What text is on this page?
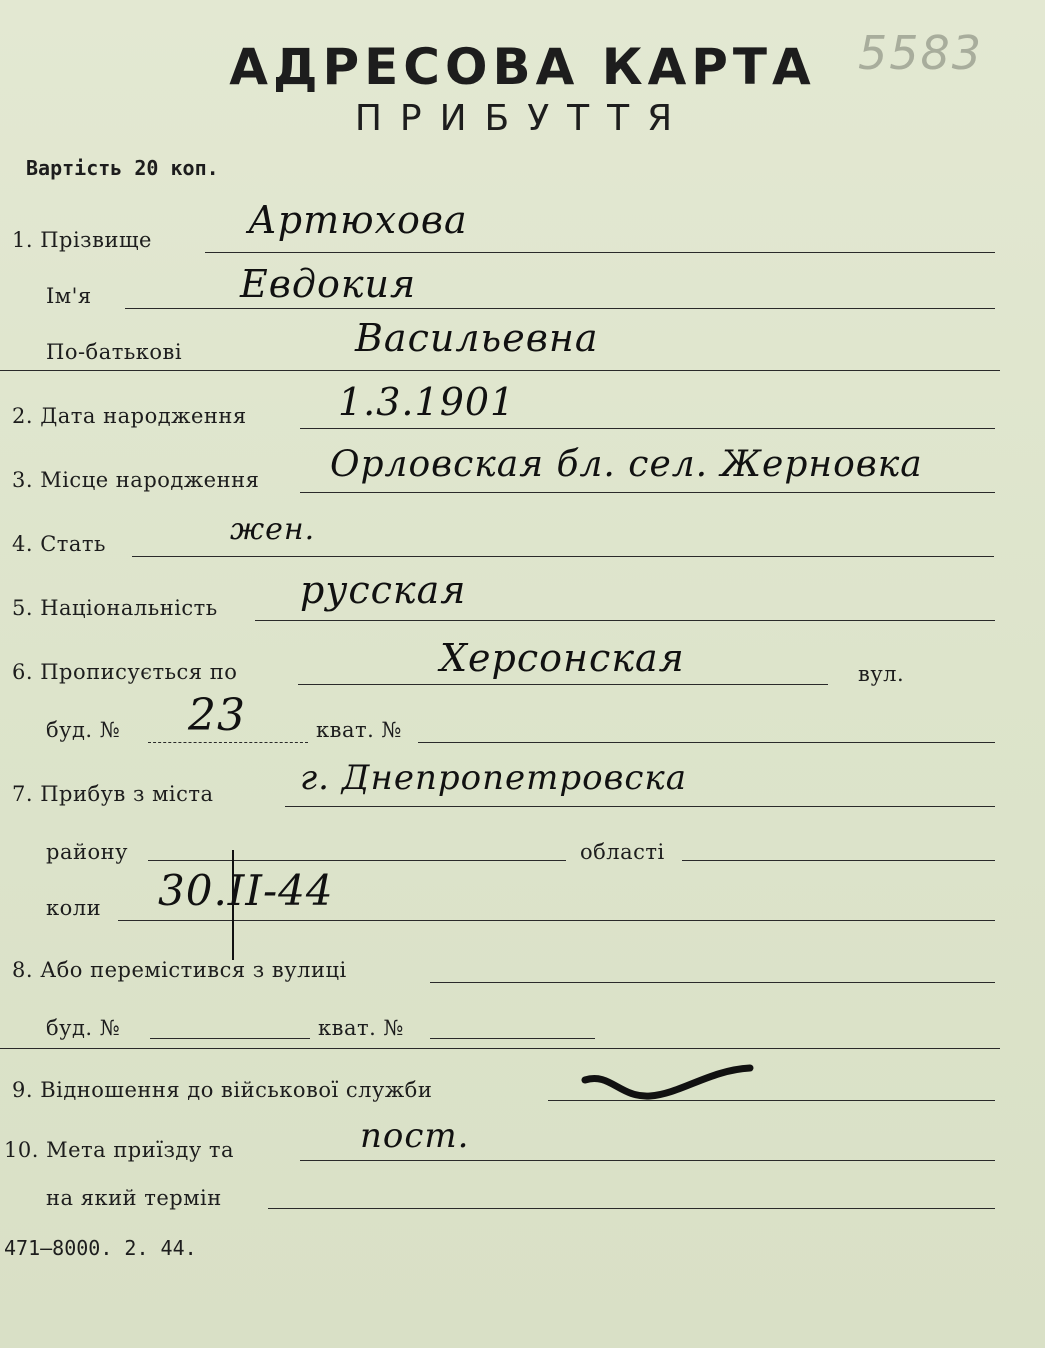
АДРЕСОВА КАРТА
ПРИБУТТЯ
5583
Вартість 20 коп.
1. Прізвище	Артюхова
Ім'я	Евдокия
По-батькові	Васильевна
2. Дата народження 1.3.1901
3. Місце народження Орловская бл. сел. Жерновка
4. Стать	жен.
5. Національність русская
6. Прописується по	Херсонская	вул.
буд. № 23	кват. №
7. Прибув з міста	г. Днепропетровска
району	області
коли 30.II-44
8. Або перемістився з вулиці
буд. №	кват. №
9. Відношення до військової служби
10. Мета приїзду та	пост.
на який термін
471—8000. 2. 44.
